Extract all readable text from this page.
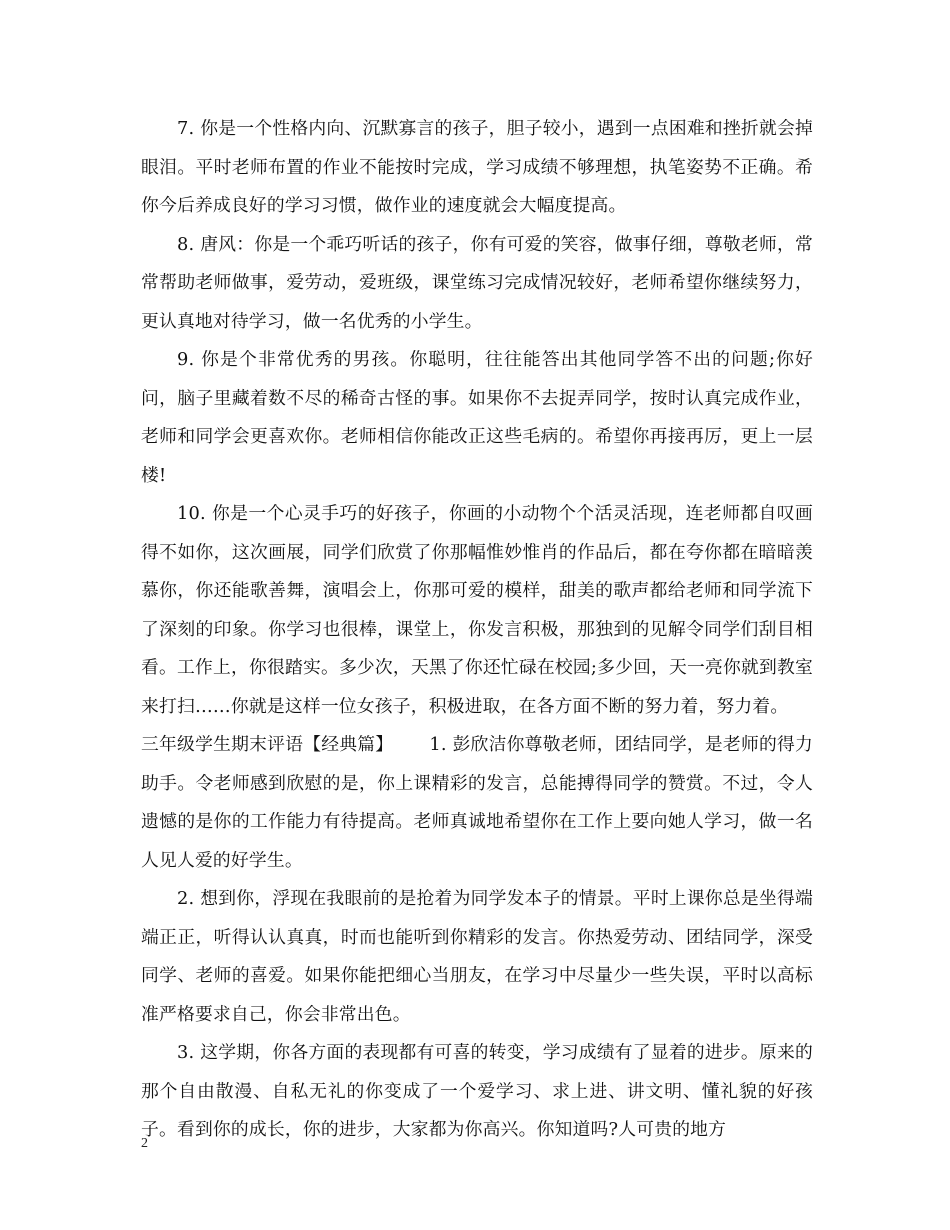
7. 你是一个性格内向、沉默寡言的孩子，胆子较小，遇到一点困难和挫折就会掉眼泪。平时老师布置的作业不能按时完成，学习成绩不够理想，执笔姿势不正确。希你今后养成良好的学习习惯，做作业的速度就会大幅度提高。

8. 唐风：你是一个乖巧听话的孩子，你有可爱的笑容，做事仔细，尊敬老师，常常帮助老师做事，爱劳动，爱班级，课堂练习完成情况较好，老师希望你继续努力，更认真地对待学习，做一名优秀的小学生。

9. 你是个非常优秀的男孩。你聪明，往往能答出其他同学答不出的问题;你好问，脑子里藏着数不尽的稀奇古怪的事。如果你不去捉弄同学，按时认真完成作业，老师和同学会更喜欢你。老师相信你能改正这些毛病的。希望你再接再厉，更上一层楼!

10. 你是一个心灵手巧的好孩子，你画的小动物个个活灵活现，连老师都自叹画得不如你，这次画展，同学们欣赏了你那幅惟妙惟肖的作品后，都在夸你都在暗暗羡慕你，你还能歌善舞，演唱会上，你那可爱的模样，甜美的歌声都给老师和同学流下了深刻的印象。你学习也很棒，课堂上，你发言积极，那独到的见解令同学们刮目相看。工作上，你很踏实。多少次，天黑了你还忙碌在校园;多少回，天一亮你就到教室来打扫……你就是这样一位女孩子，积极进取，在各方面不断的努力着，努力着。

三年级学生期末评语【经典篇】 1. 彭欣洁你尊敬老师，团结同学，是老师的得力助手。令老师感到欣慰的是，你上课精彩的发言，总能搏得同学的赞赏。不过，令人遗憾的是你的工作能力有待提高。老师真诚地希望你在工作上要向她人学习，做一名人见人爱的好学生。

2. 想到你，浮现在我眼前的是抢着为同学发本子的情景。平时上课你总是坐得端端正正，听得认认真真，时而也能听到你精彩的发言。你热爱劳动、团结同学，深受同学、老师的喜爱。如果你能把细心当朋友，在学习中尽量少一些失误，平时以高标准严格要求自己，你会非常出色。

3. 这学期，你各方面的表现都有可喜的转变，学习成绩有了显着的进步。原来的那个自由散漫、自私无礼的你变成了一个爱学习、求上进、讲文明、懂礼貌的好孩子。看到你的成长，你的进步，大家都为你高兴。你知道吗?人可贵的地方

2
